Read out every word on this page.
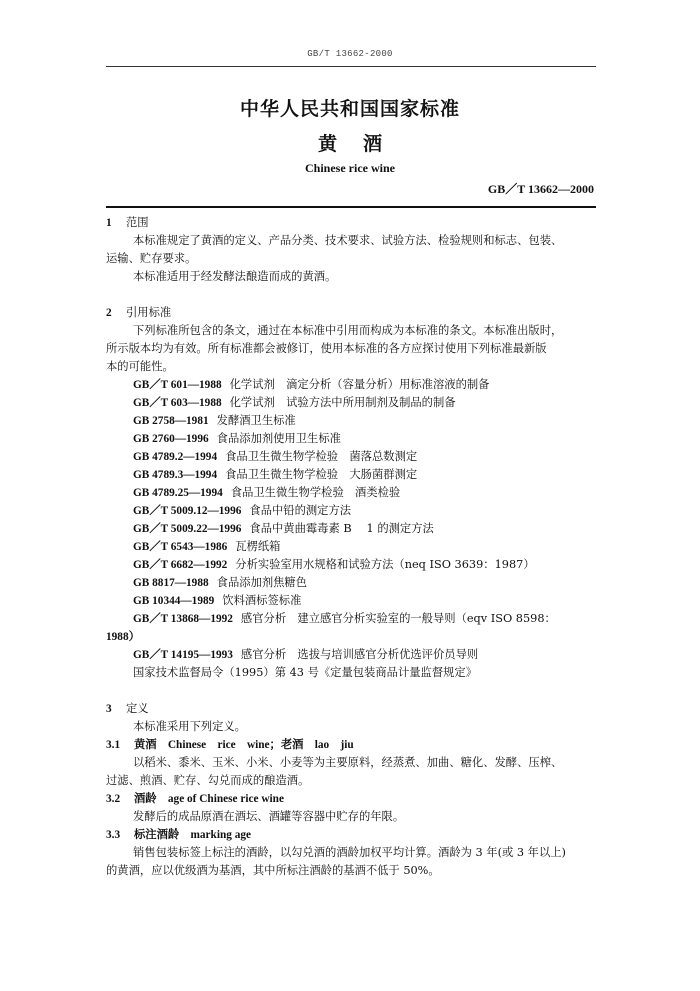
GB/T 13662-2000
中华人民共和国国家标准
黄酒
Chinese rice wine
GB／T 13662—2000
1 范围
本标准规定了黄酒的定义、产品分类、技术要求、试验方法、检验规则和标志、包装、
运输、贮存要求。
本标准适用于经发酵法酿造而成的黄酒。
2 引用标准
下列标准所包含的条文，通过在本标准中引用而构成为本标准的条文。本标准出版时，
所示版本均为有效。所有标准都会被修订，使用本标准的各方应探讨使用下列标准最新版
本的可能性。
GB／T 601—1988 化学试剂　滴定分析（容量分析）用标准溶液的制备
GB／T 603—1988 化学试剂　试验方法中所用制剂及制品的制备
GB 2758—1981 发酵酒卫生标准
GB 2760—1996 食品添加剂使用卫生标准
GB 4789.2—1994 食品卫生微生物学检验　菌落总数测定
GB 4789.3—1994 食品卫生微生物学检验　大肠菌群测定
GB 4789.25—1994 食品卫生微生物学检验　酒类检验
GB／T 5009.12—1996 食品中铅的测定方法
GB／T 5009.22—1996 食品中黄曲霉毒素 B　 1 的测定方法
GB／T 6543—1986 瓦楞纸箱
GB／T 6682—1992 分析实验室用水规格和试验方法（neq ISO 3639：1987）
GB 8817—1988 食品添加剂焦糖色
GB 10344—1989 饮料酒标签标准
GB／T 13868—1992 感官分析　建立感官分析实验室的一般导则（eqv ISO 8598：
1988）
GB／T 14195—1993 感官分析　选拔与培训感官分析优选评价员导则
国家技术监督局令（1995）第 43 号《定量包装商品计量监督规定》
3 定义
本标准采用下列定义。
3.1 黄酒　Chinese　rice　wine；老酒　lao　jiu
以稻米、黍米、玉米、小米、小麦等为主要原料，经蒸煮、加曲、糖化、发酵、压榨、
过滤、煎酒、贮存、勾兑而成的酿造酒。
3.2 酒龄　age of Chinese rice wine
发酵后的成品原酒在酒坛、酒罐等容器中贮存的年限。
3.3 标注酒龄　marking age
销售包装标签上标注的酒龄，以勾兑酒的酒龄加权平均计算。酒龄为 3 年(或 3 年以上)
的黄酒，应以优级酒为基酒，其中所标注酒龄的基酒不低于 50%。
